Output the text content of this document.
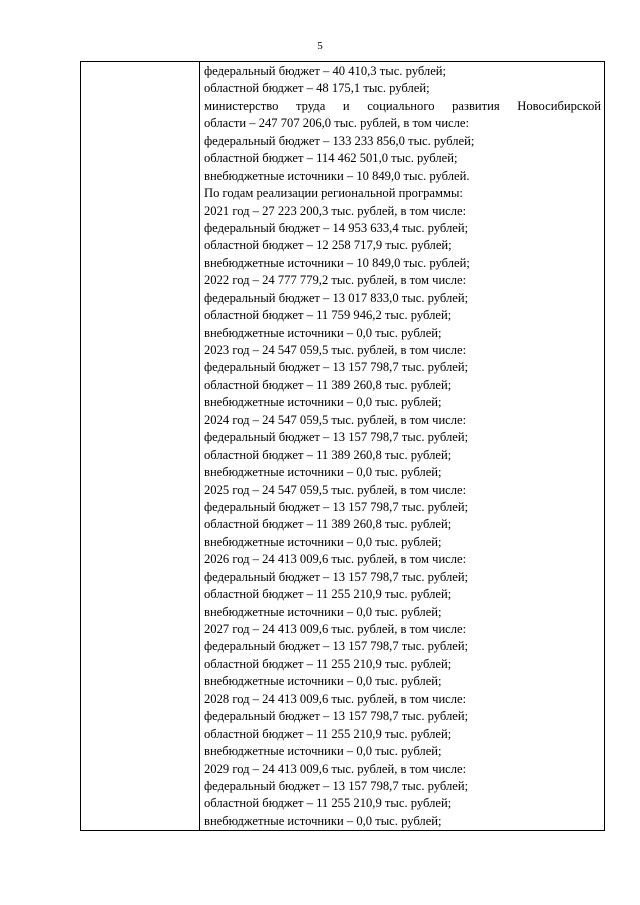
5

федеральный бюджет – 40 410,3 тыс. рублей;
областной бюджет – 48 175,1 тыс. рублей;
министерство труда и социального развития Новосибирской
области – 247 707 206,0 тыс. рублей, в том числе:
федеральный бюджет – 133 233 856,0 тыс. рублей;
областной бюджет – 114 462 501,0 тыс. рублей;
внебюджетные источники – 10 849,0 тыс. рублей.
По годам реализации региональной программы:
2021 год – 27 223 200,3 тыс. рублей, в том числе:
федеральный бюджет – 14 953 633,4 тыс. рублей;
областной бюджет – 12 258 717,9 тыс. рублей;
внебюджетные источники – 10 849,0 тыс. рублей;
2022 год – 24 777 779,2 тыс. рублей, в том числе:
федеральный бюджет – 13 017 833,0 тыс. рублей;
областной бюджет – 11 759 946,2 тыс. рублей;
внебюджетные источники – 0,0 тыс. рублей;
2023 год – 24 547 059,5 тыс. рублей, в том числе:
федеральный бюджет – 13 157 798,7 тыс. рублей;
областной бюджет – 11 389 260,8 тыс. рублей;
внебюджетные источники – 0,0 тыс. рублей;
2024 год – 24 547 059,5 тыс. рублей, в том числе:
федеральный бюджет – 13 157 798,7 тыс. рублей;
областной бюджет – 11 389 260,8 тыс. рублей;
внебюджетные источники – 0,0 тыс. рублей;
2025 год – 24 547 059,5 тыс. рублей, в том числе:
федеральный бюджет – 13 157 798,7 тыс. рублей;
областной бюджет – 11 389 260,8 тыс. рублей;
внебюджетные источники – 0,0 тыс. рублей;
2026 год – 24 413 009,6 тыс. рублей, в том числе:
федеральный бюджет – 13 157 798,7 тыс. рублей;
областной бюджет – 11 255 210,9 тыс. рублей;
внебюджетные источники – 0,0 тыс. рублей;
2027 год – 24 413 009,6 тыс. рублей, в том числе:
федеральный бюджет – 13 157 798,7 тыс. рублей;
областной бюджет – 11 255 210,9 тыс. рублей;
внебюджетные источники – 0,0 тыс. рублей;
2028 год – 24 413 009,6 тыс. рублей, в том числе:
федеральный бюджет – 13 157 798,7 тыс. рублей;
областной бюджет – 11 255 210,9 тыс. рублей;
внебюджетные источники – 0,0 тыс. рублей;
2029 год – 24 413 009,6 тыс. рублей, в том числе:
федеральный бюджет – 13 157 798,7 тыс. рублей;
областной бюджет – 11 255 210,9 тыс. рублей;
внебюджетные источники – 0,0 тыс. рублей;
